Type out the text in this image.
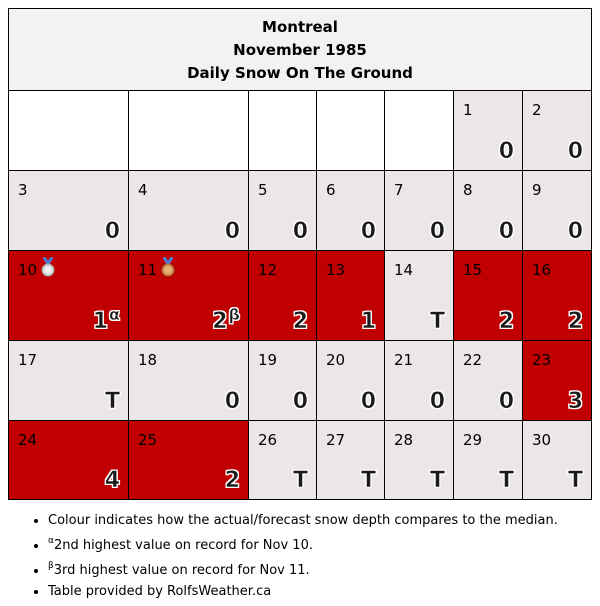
Montreal
November 1985
Daily Snow On The Ground
1
0
2
0
3
0
4
0
5
0
6
0
7
0
8
0
9
0
10
$1^\alpha$
11
$2^\beta$
12
2
13
1
14
T
15
2
16
2
17
T
18
0
19
0
20
0
21
0
22
0
23
3
24
4
25
2
26
T
27
T
28
T
29
T
30
T
• Colour indicates how the actual/forecast snow depth compares to the median.
• $^\alpha$2nd highest value on record for Nov 10.
• $^\beta$3rd highest value on record for Nov 11.
• Table provided by RolfsWeather.ca
